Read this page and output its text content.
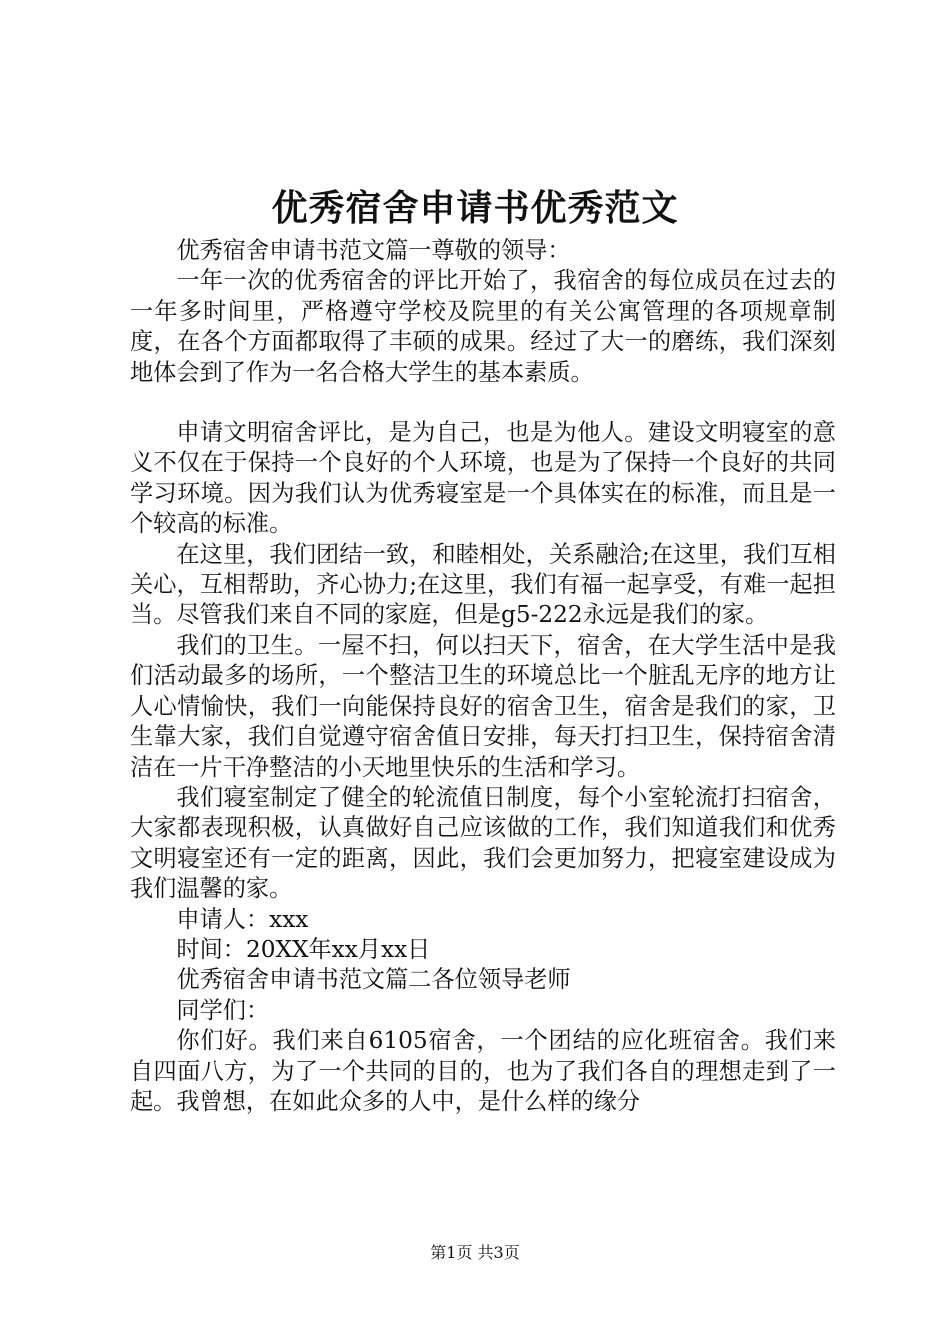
优秀宿舍申请书优秀范文

优秀宿舍申请书范文篇一尊敬的领导：

一年一次的优秀宿舍的评比开始了，我宿舍的每位成员在过去的一年多时间里，严格遵守学校及院里的有关公寓管理的各项规章制度，在各个方面都取得了丰硕的成果。经过了大一的磨练，我们深刻地体会到了作为一名合格大学生的基本素质。

申请文明宿舍评比，是为自己，也是为他人。建设文明寝室的意义不仅在于保持一个良好的个人环境，也是为了保持一个良好的共同学习环境。因为我们认为优秀寝室是一个具体实在的标准，而且是一个较高的标准。

在这里，我们团结一致，和睦相处，关系融洽;在这里，我们互相关心，互相帮助，齐心协力;在这里，我们有福一起享受，有难一起担当。尽管我们来自不同的家庭，但是g5-222永远是我们的家。

我们的卫生。一屋不扫，何以扫天下，宿舍，在大学生活中是我们活动最多的场所，一个整洁卫生的环境总比一个脏乱无序的地方让人心情愉快，我们一向能保持良好的宿舍卫生，宿舍是我们的家，卫生靠大家，我们自觉遵守宿舍值日安排，每天打扫卫生，保持宿舍清洁在一片干净整洁的小天地里快乐的生活和学习。

我们寝室制定了健全的轮流值日制度，每个小室轮流打扫宿舍，大家都表现积极，认真做好自己应该做的工作，我们知道我们和优秀文明寝室还有一定的距离，因此，我们会更加努力，把寝室建设成为我们温馨的家。

申请人：xxx

时间：20XX年xx月xx日

优秀宿舍申请书范文篇二各位领导老师

同学们：

你们好。我们来自6105宿舍，一个团结的应化班宿舍。我们来自四面八方，为了一个共同的目的，也为了我们各自的理想走到了一起。我曾想，在如此众多的人中，是什么样的缘分

第1页 共3页
